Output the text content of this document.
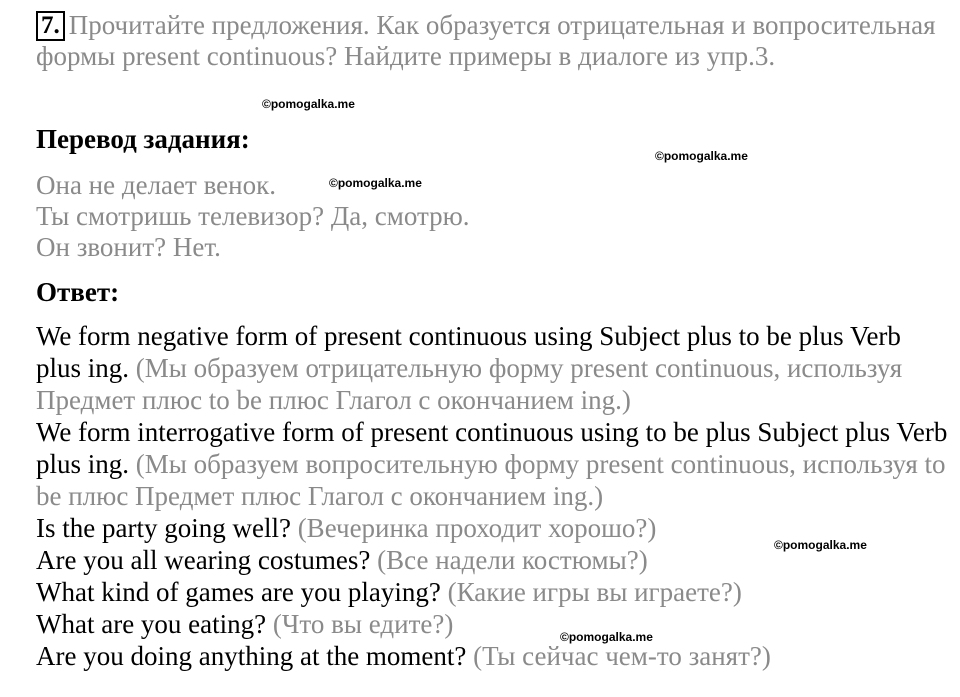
7. Прочитайте предложения. Как образуется отрицательная и вопросительная формы present continuous? Найдите примеры в диалоге из упр.3.

Перевод задания:

Она не делает венок.
Ты смотришь телевизор? Да, смотрю.
Он звонит? Нет.

Ответ:

We form negative form of present continuous using Subject plus to be plus Verb plus ing. (Мы образуем отрицательную форму present continuous, используя Предмет плюс to be плюс Глагол с окончанием ing.)

We form interrogative form of present continuous using to be plus Subject plus Verb plus ing. (Мы образуем вопросительную форму present continuous, используя to be плюс Предмет плюс Глагол с окончанием ing.)

Is the party going well? (Вечеринка проходит хорошо?)

Are you all wearing costumes? (Все надели костюмы?)

What kind of games are you playing? (Какие игры вы играете?)

What are you eating? (Что вы едите?)

Are you doing anything at the moment? (Ты сейчас чем-то занят?)

©pomogalka.me
©pomogalka.me
©pomogalka.me
©pomogalka.me
©pomogalka.me
